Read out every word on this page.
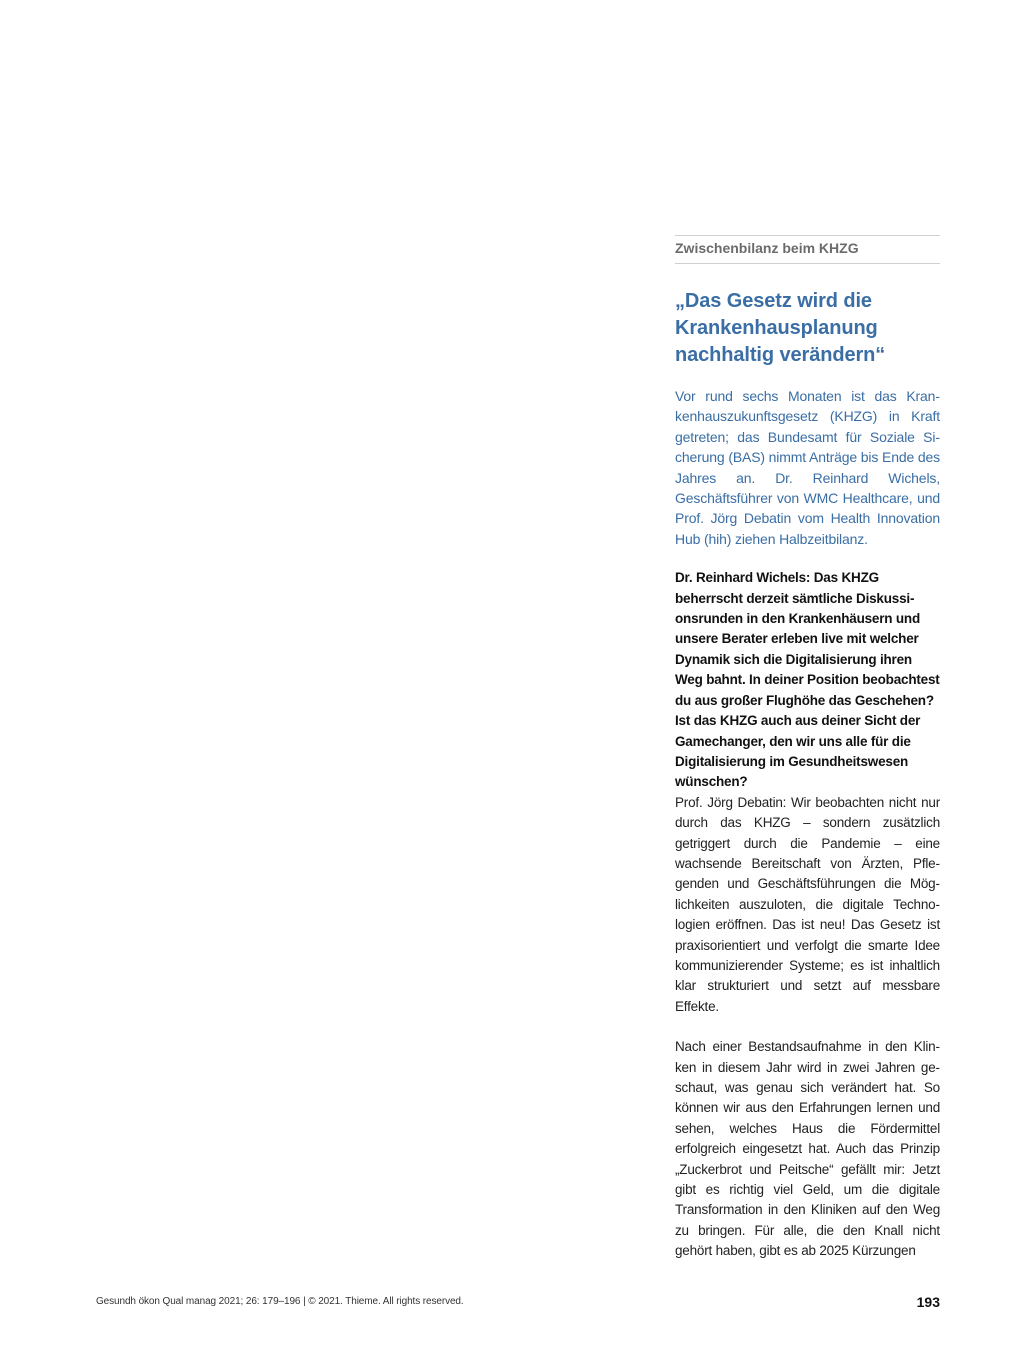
Zwischenbilanz beim KHZG
„Das Gesetz wird die Krankenhausplanung nachhaltig verändern“
Vor rund sechs Monaten ist das Krankenhauszukunftsgesetz (KHZG) in Kraft getreten; das Bundesamt für Soziale Sicherung (BAS) nimmt Anträge bis Ende des Jahres an. Dr. Reinhard Wichels, Geschäftsführer von WMC Healthcare, und Prof. Jörg Debatin vom Health Innovation Hub (hih) ziehen Halbzeitbilanz.
Dr. Reinhard Wichels: Das KHZG beherrscht derzeit sämtliche Diskussionsrunden in den Krankenhäusern und unsere Berater erleben live mit welcher Dynamik sich die Digitalisierung ihren Weg bahnt. In deiner Position beobachtest du aus großer Flughöhe das Geschehen? Ist das KHZG auch aus deiner Sicht der Gamechanger, den wir uns alle für die Digitalisierung im Gesundheitswesen wünschen?
Prof. Jörg Debatin: Wir beobachten nicht nur durch das KHZG – sondern zusätzlich getriggert durch die Pandemie – eine wachsende Bereitschaft von Ärzten, Pflegenden und Geschäftsführungen die Möglichkeiten auszuloten, die digitale Technologien eröffnen. Das ist neu! Das Gesetz ist praxisorientiert und verfolgt die smarte Idee kommunizierender Systeme; es ist inhaltlich klar strukturiert und setzt auf messbare Effekte.
Nach einer Bestandsaufnahme in den Klinken in diesem Jahr wird in zwei Jahren geschaut, was genau sich verändert hat. So können wir aus den Erfahrungen lernen und sehen, welches Haus die Fördermittel erfolgreich eingesetzt hat. Auch das Prinzip „Zuckerbrot und Peitsche“ gefällt mir: Jetzt gibt es richtig viel Geld, um die digitale Transformation in den Kliniken auf den Weg zu bringen. Für alle, die den Knall nicht gehört haben, gibt es ab 2025 Kürzungen
Gesundh ökon Qual manag 2021; 26: 179–196 | © 2021. Thieme. All rights reserved.	193
